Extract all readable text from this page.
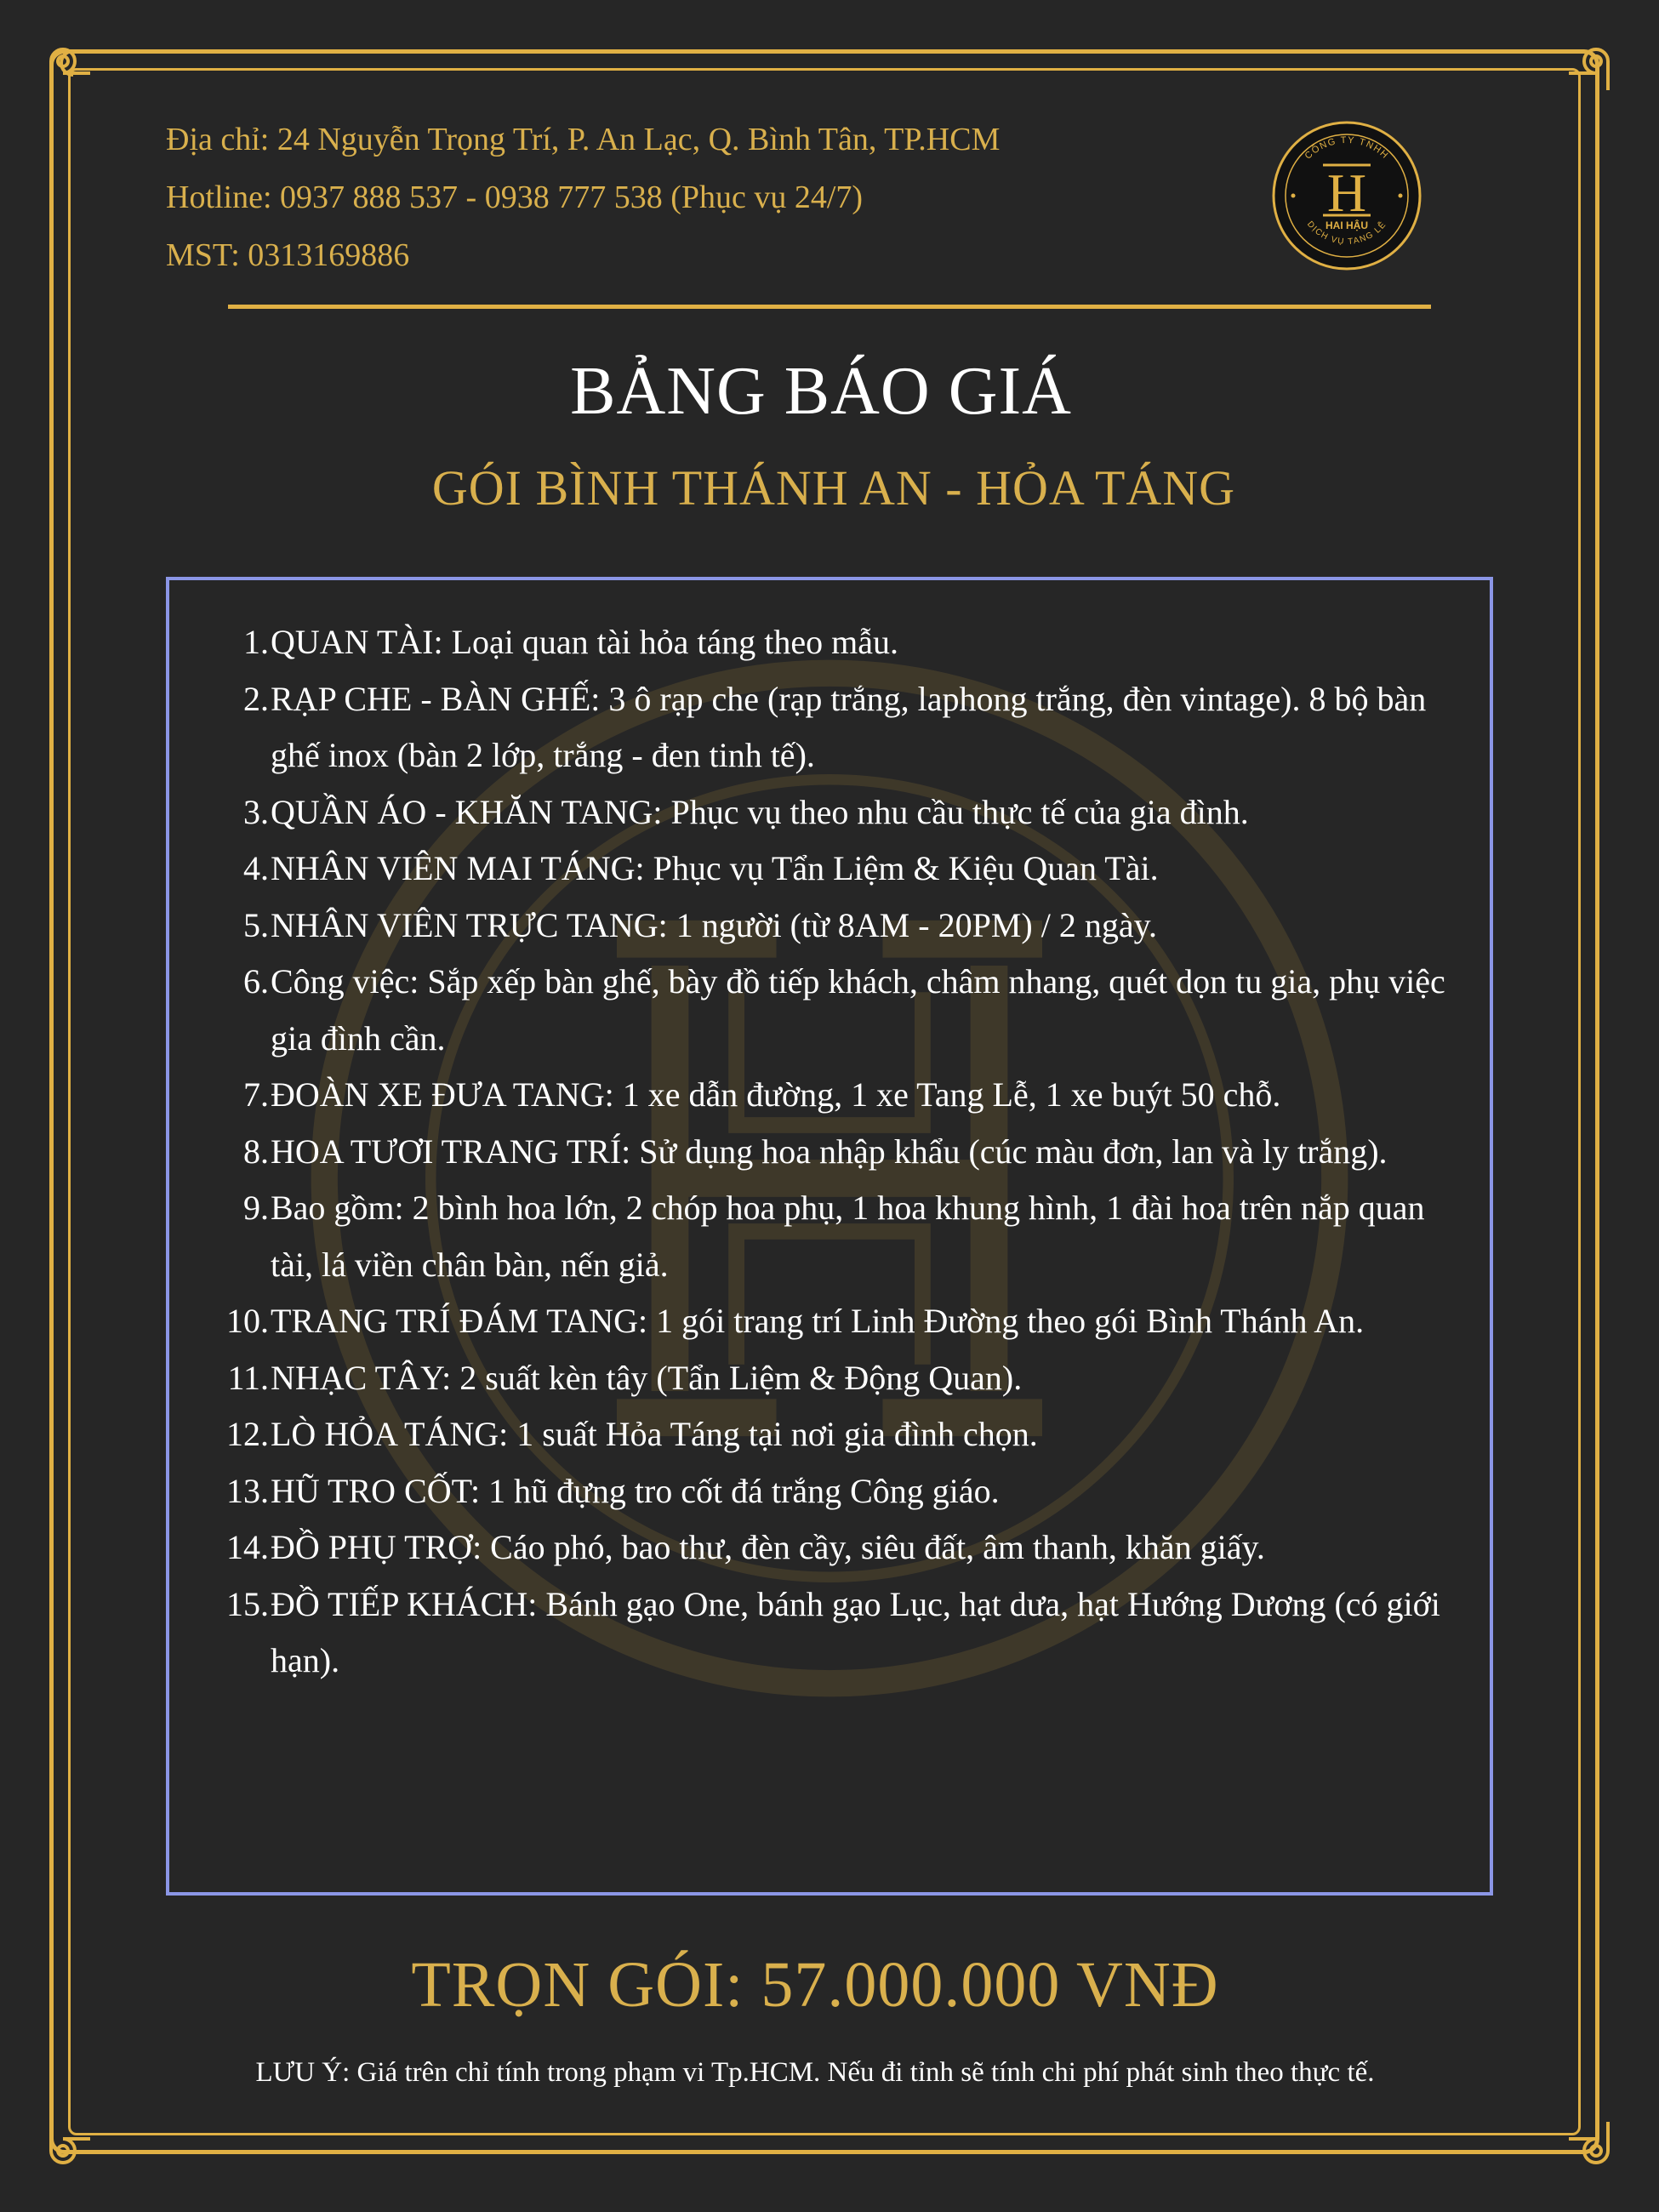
Địa chỉ: 24 Nguyễn Trọng Trí, P. An Lạc, Q. Bình Tân, TP.HCM
Hotline: 0937 888 537 - 0938 777 538 (Phục vụ 24/7)
MST: 0313169886
CÔNG TY TNHH
DỊCH VỤ TANG LỄ
H
HAI HẬU
BẢNG BÁO GIÁ
GÓI BÌNH THÁNH AN - HỎA TÁNG
1. QUAN TÀI: Loại quan tài hỏa táng theo mẫu.
2. RẠP CHE - BÀN GHẾ: 3 ô rạp che (rạp trắng, laphong trắng, đèn vintage). 8 bộ bàn ghế inox (bàn 2 lớp, trắng - đen tinh tế).
3. QUẦN ÁO - KHĂN TANG: Phục vụ theo nhu cầu thực tế của gia đình.
4. NHÂN VIÊN MAI TÁNG: Phục vụ Tẩn Liệm & Kiệu Quan Tài.
5. NHÂN VIÊN TRỰC TANG: 1 người (từ 8AM - 20PM) / 2 ngày.
6. Công việc: Sắp xếp bàn ghế, bày đồ tiếp khách, châm nhang, quét dọn tu gia, phụ việc gia đình cần.
7. ĐOÀN XE ĐƯA TANG: 1 xe dẫn đường, 1 xe Tang Lễ, 1 xe buýt 50 chỗ.
8. HOA TƯƠI TRANG TRÍ: Sử dụng hoa nhập khẩu (cúc màu đơn, lan và ly trắng).
9. Bao gồm: 2 bình hoa lớn, 2 chóp hoa phụ, 1 hoa khung hình, 1 đài hoa trên nắp quan tài, lá viền chân bàn, nến giả.
10. TRANG TRÍ ĐÁM TANG: 1 gói trang trí Linh Đường theo gói Bình Thánh An.
11. NHẠC TÂY: 2 suất kèn tây (Tẩn Liệm & Động Quan).
12. LÒ HỎA TÁNG: 1 suất Hỏa Táng tại nơi gia đình chọn.
13. HŨ TRO CỐT: 1 hũ đựng tro cốt đá trắng Công giáo.
14. ĐỒ PHỤ TRỢ: Cáo phó, bao thư, đèn cầy, siêu đất, âm thanh, khăn giấy.
15. ĐỒ TIẾP KHÁCH: Bánh gạo One, bánh gạo Lục, hạt dưa, hạt Hướng Dương (có giới hạn).
TRỌN GÓI: 57.000.000 VNĐ
LƯU Ý: Giá trên chỉ tính trong phạm vi Tp.HCM. Nếu đi tỉnh sẽ tính chi phí phát sinh theo thực tế.
